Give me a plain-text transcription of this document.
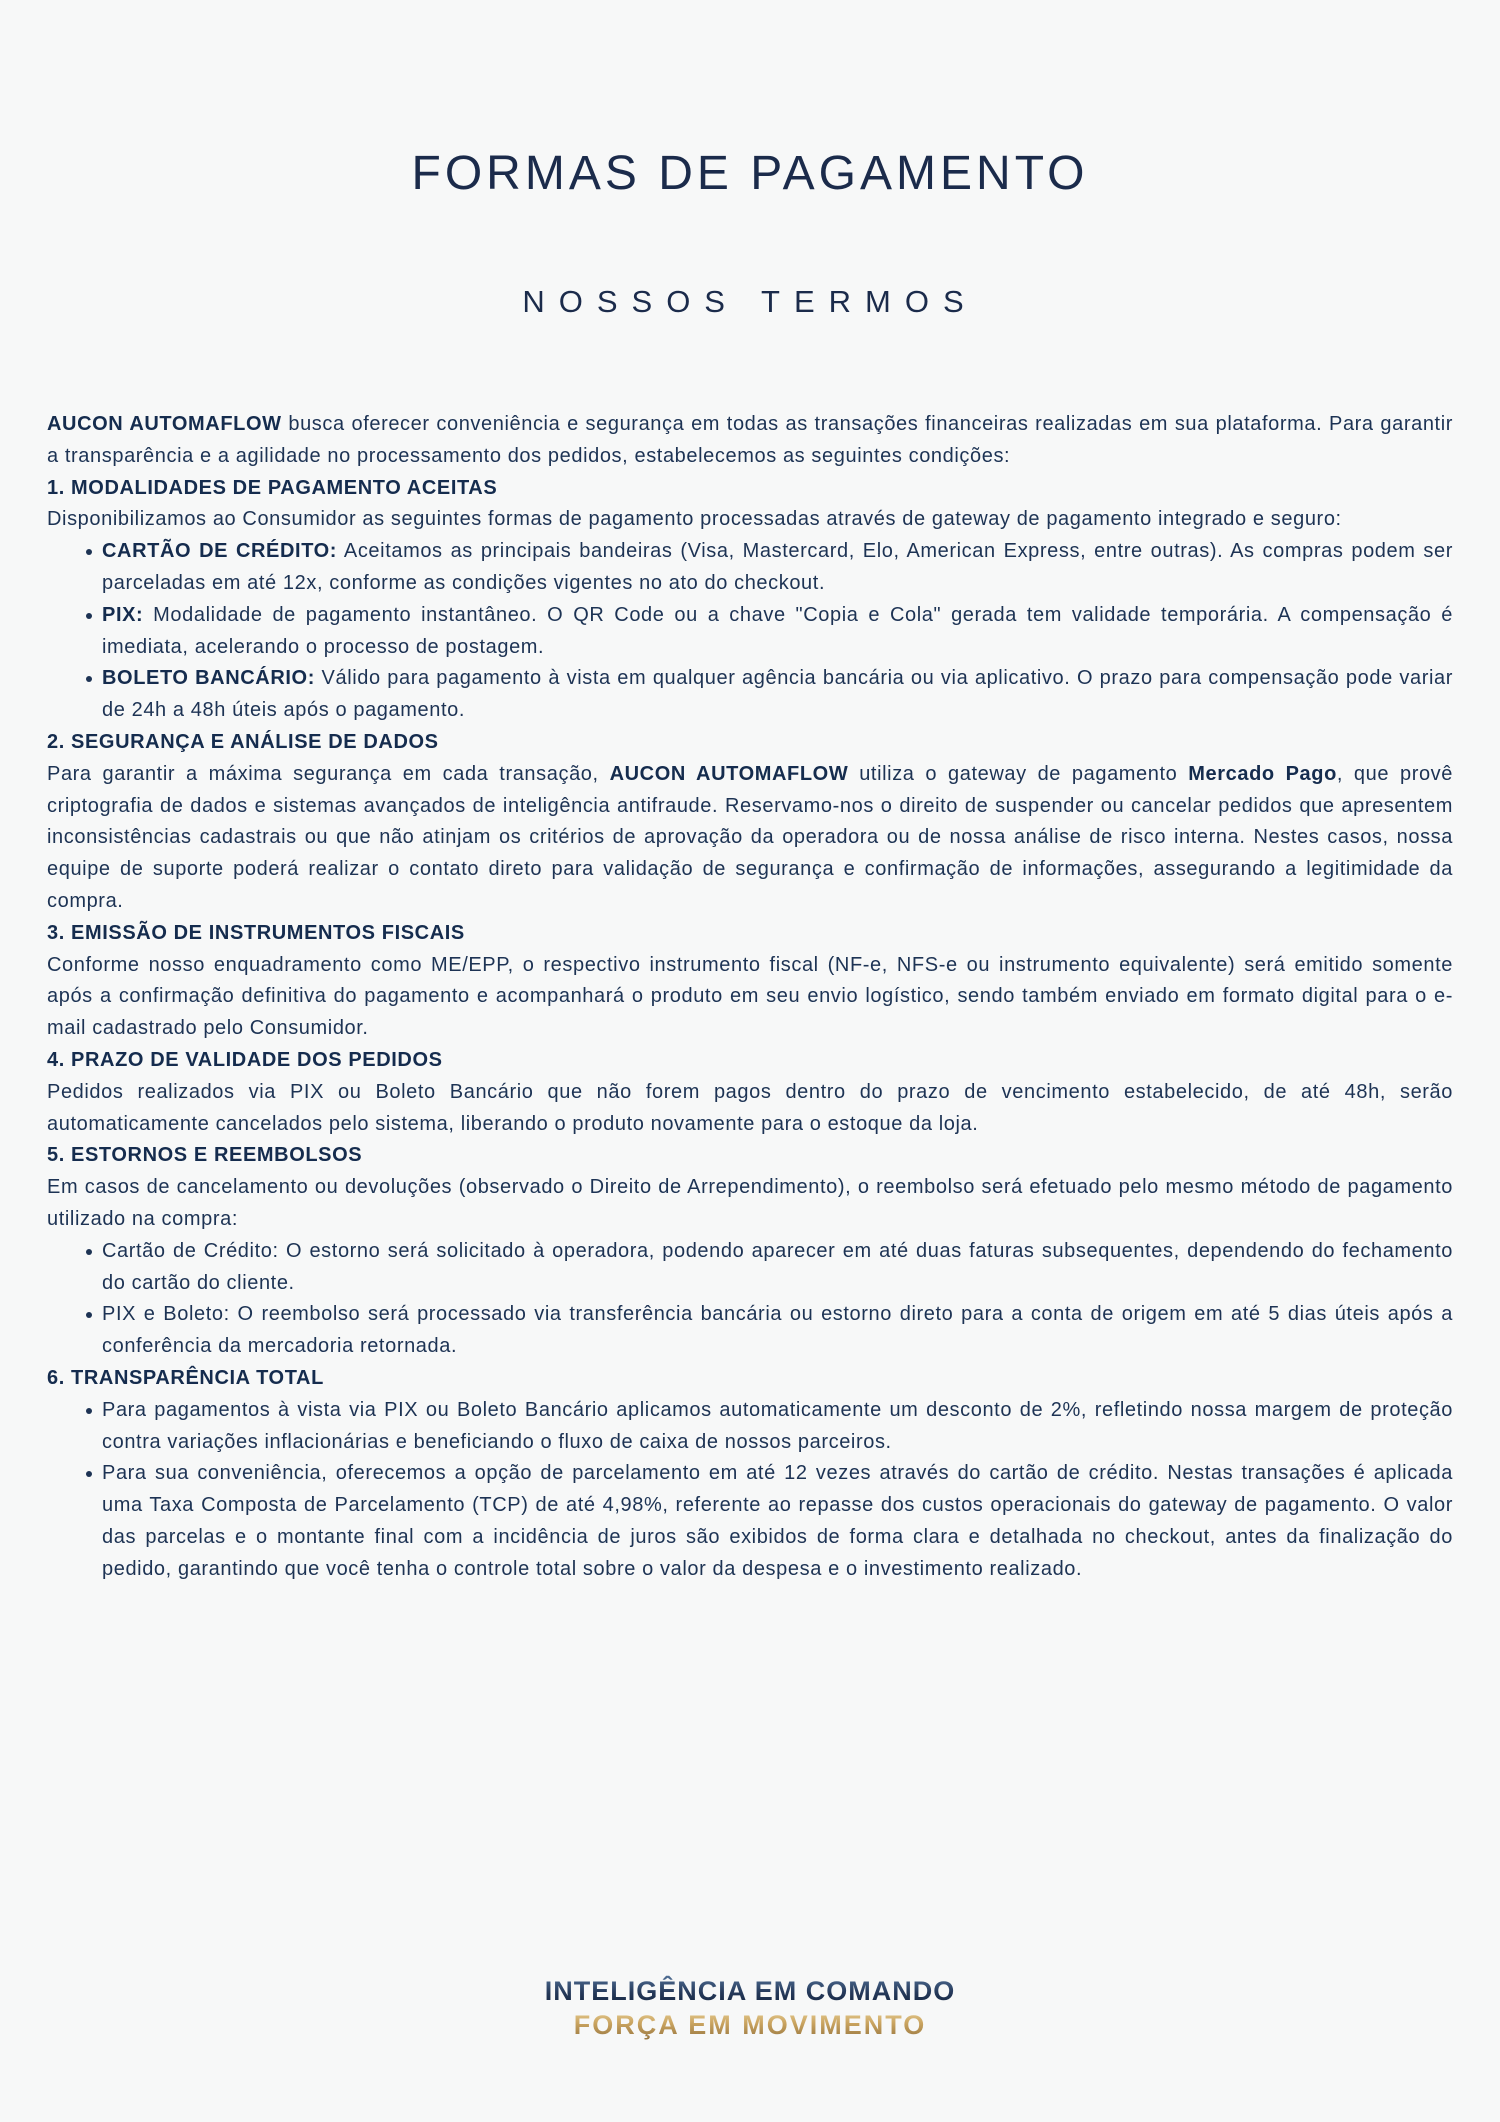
FORMAS DE PAGAMENTO
NOSSOS TERMOS

AUCON AUTOMAFLOW busca oferecer conveniência e segurança em todas as transações financeiras realizadas em sua plataforma. Para garantir a transparência e a agilidade no processamento dos pedidos, estabelecemos as seguintes condições:

1. MODALIDADES DE PAGAMENTO ACEITAS

Disponibilizamos ao Consumidor as seguintes formas de pagamento processadas através de gateway de pagamento integrado e seguro:

CARTÃO DE CRÉDITO: Aceitamos as principais bandeiras (Visa, Mastercard, Elo, American Express, entre outras). As compras podem ser parceladas em até 12x, conforme as condições vigentes no ato do checkout.
PIX: Modalidade de pagamento instantâneo. O QR Code ou a chave "Copia e Cola" gerada tem validade temporária. A compensação é imediata, acelerando o processo de postagem.
BOLETO BANCÁRIO: Válido para pagamento à vista em qualquer agência bancária ou via aplicativo. O prazo para compensação pode variar de 24h a 48h úteis após o pagamento.
2. SEGURANÇA E ANÁLISE DE DADOS

Para garantir a máxima segurança em cada transação, AUCON AUTOMAFLOW utiliza o gateway de pagamento Mercado Pago, que provê criptografia de dados e sistemas avançados de inteligência antifraude. Reservamo-nos o direito de suspender ou cancelar pedidos que apresentem inconsistências cadastrais ou que não atinjam os critérios de aprovação da operadora ou de nossa análise de risco interna. Nestes casos, nossa equipe de suporte poderá realizar o contato direto para validação de segurança e confirmação de informações, assegurando a legitimidade da compra.

3. EMISSÃO DE INSTRUMENTOS FISCAIS

Conforme nosso enquadramento como ME/EPP, o respectivo instrumento fiscal (NF-e, NFS-e ou instrumento equivalente) será emitido somente após a confirmação definitiva do pagamento e acompanhará o produto em seu envio logístico, sendo também enviado em formato digital para o e-mail cadastrado pelo Consumidor.

4. PRAZO DE VALIDADE DOS PEDIDOS

Pedidos realizados via PIX ou Boleto Bancário que não forem pagos dentro do prazo de vencimento estabelecido, de até 48h, serão automaticamente cancelados pelo sistema, liberando o produto novamente para o estoque da loja.

5. ESTORNOS E REEMBOLSOS

Em casos de cancelamento ou devoluções (observado o Direito de Arrependimento), o reembolso será efetuado pelo mesmo método de pagamento utilizado na compra:

Cartão de Crédito: O estorno será solicitado à operadora, podendo aparecer em até duas faturas subsequentes, dependendo do fechamento do cartão do cliente.
PIX e Boleto: O reembolso será processado via transferência bancária ou estorno direto para a conta de origem em até 5 dias úteis após a conferência da mercadoria retornada.
6. TRANSPARÊNCIA TOTAL
Para pagamentos à vista via PIX ou Boleto Bancário aplicamos automaticamente um desconto de 2%, refletindo nossa margem de proteção contra variações inflacionárias e beneficiando o fluxo de caixa de nossos parceiros.
Para sua conveniência, oferecemos a opção de parcelamento em até 12 vezes através do cartão de crédito. Nestas transações é aplicada uma Taxa Composta de Parcelamento (TCP) de até 4,98%, referente ao repasse dos custos operacionais do gateway de pagamento. O valor das parcelas e o montante final com a incidência de juros são exibidos de forma clara e detalhada no checkout, antes da finalização do pedido, garantindo que você tenha o controle total sobre o valor da despesa e o investimento realizado.
INTELIGÊNCIA EM COMANDO
FORÇA EM MOVIMENTO
